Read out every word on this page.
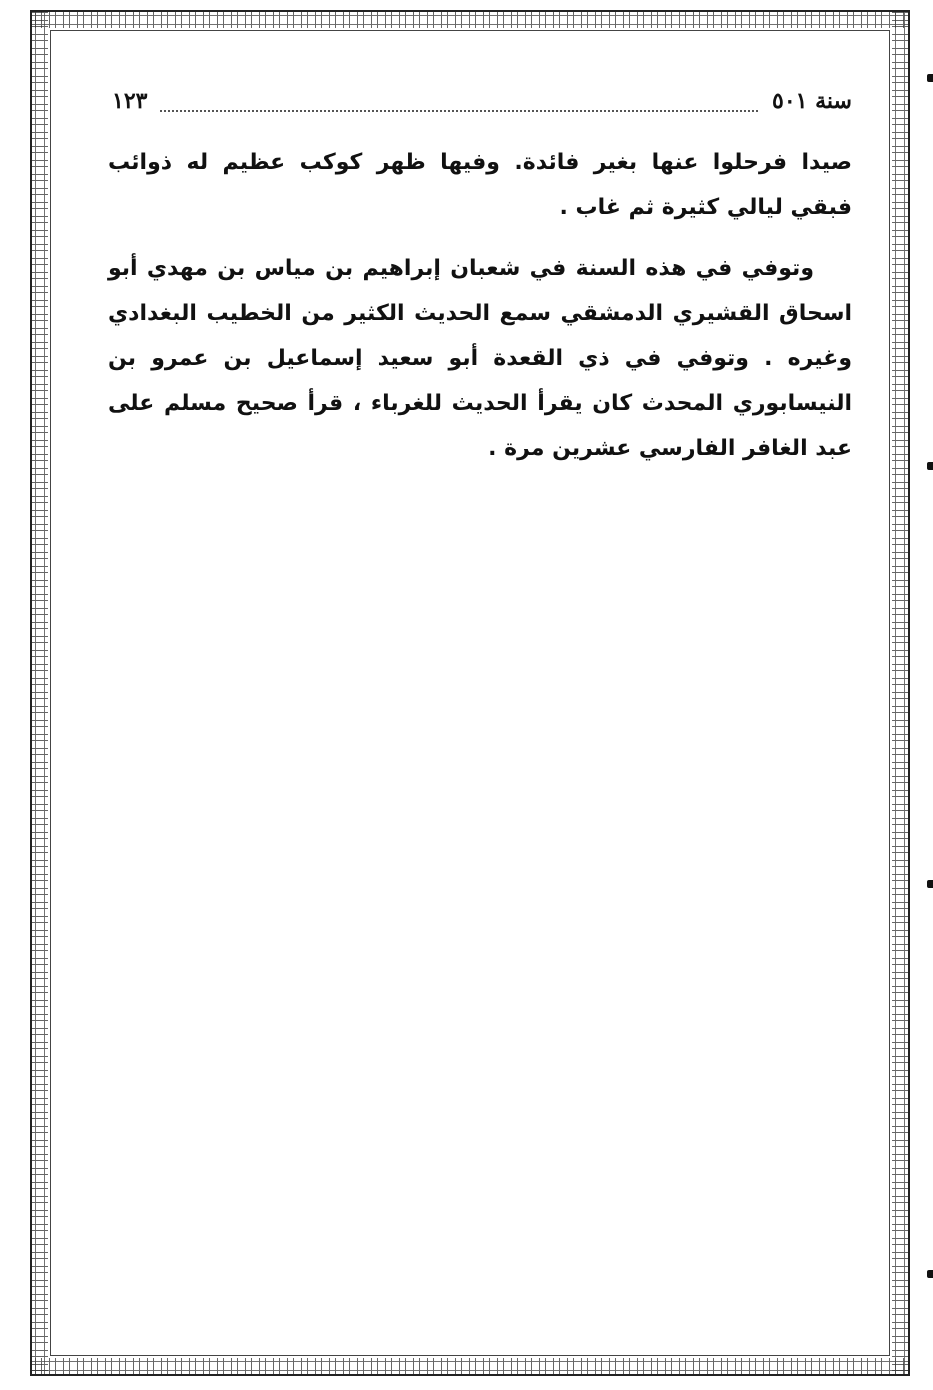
سنة ٥٠١
١٢٣

صيدا فرحلوا عنها بغير فائدة. وفيها ظهر كوكب عظيم له ذوائب فبقي ليالي كثيرة ثم غاب .

وتوفي في هذه السنة في شعبان إبراهيم بن مياس بن مهدي أبو اسحاق القشيري الدمشقي سمع الحديث الكثير من الخطيب البغدادي وغيره . وتوفي في ذي القعدة أبو سعيد إسماعيل بن عمرو بن النيسابوري المحدث كان يقرأ الحديث للغرباء ، قرأ صحيح مسلم على عبد الغافر الفارسي عشرين مرة .
